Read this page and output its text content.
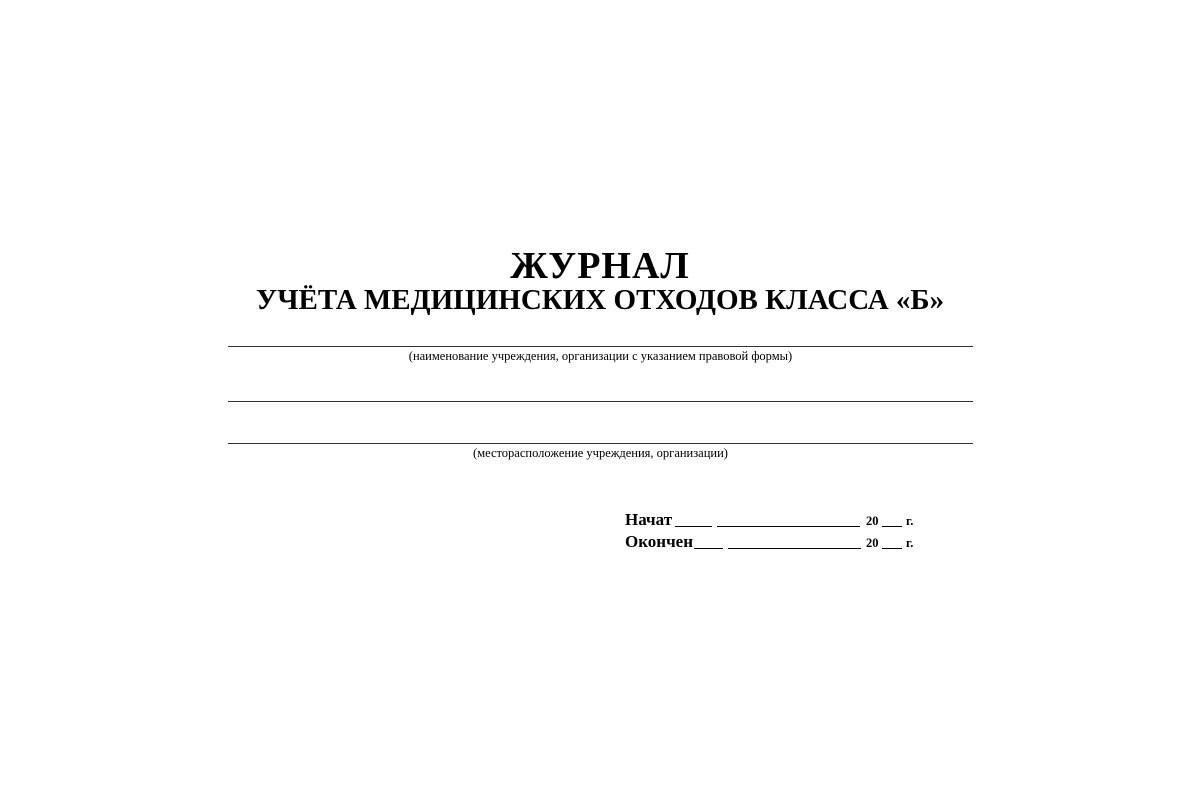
ЖУРНАЛ
УЧЁТА МЕДИЦИНСКИХ ОТХОДОВ КЛАССА «Б»

(наименование учреждения, организации с указанием правовой формы)

(месторасположение учреждения, организации)

Начат	20 г.
Окончен	20 г.
